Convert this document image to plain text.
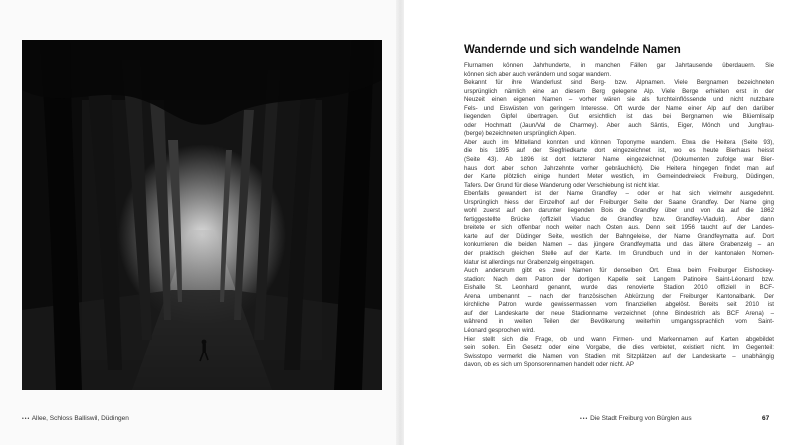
••• Allee, Schloss Balliswil, Düdingen
Wandernde und sich wandelnde Namen
Flurnamen können Jahrhunderte, in manchen Fällen gar Jahrtausende überdauern. Sie
können sich aber auch verändern und sogar wandern.
Bekannt für ihre Wanderlust sind Berg- bzw. Alpnamen. Viele Bergnamen bezeichneten
ursprünglich nämlich eine an diesem Berg gelegene Alp. Viele Berge erhielten erst in der
Neuzeit einen eigenen Namen – vorher wären sie als furchteinflössende und nicht nutzbare
Fels- und Eiswüsten von geringem Interesse. Oft wurde der Name einer Alp auf den darüber
liegenden Gipfel übertragen. Gut ersichtlich ist das bei Bergnamen wie Blüemlisalp
oder Hochmatt (Jaun/Val de Charmey). Aber auch Säntis, Eiger, Mönch und Jungfrau-
(berge) bezeichneten ursprünglich Alpen.
Aber auch im Mittelland konnten und können Toponyme wandern. Etwa die Heitera (Seite 93),
die bis 1895 auf der Siegfriedkarte dort eingezeichnet ist, wo es heute Bierhaus heisst
(Seite 43). Ab 1896 ist dort letzterer Name eingezeichnet (Dokumenten zufolge war Bier-
haus dort aber schon Jahrzehnte vorher gebräuchlich). Die Heitera hingegen findet man auf
der Karte plötzlich einige hundert Meter westlich, im Gemeindedreieck Freiburg, Düdingen,
Tafers. Der Grund für diese Wanderung oder Verschiebung ist nicht klar.
Ebenfalls gewandert ist der Name Grandfey – oder er hat sich vielmehr ausgedehnt.
Ursprünglich hiess der Einzelhof auf der Freiburger Seite der Saane Grandfey. Der Name ging
wohl zuerst auf den darunter liegenden Bois de Grandfey über und von da auf die 1862
fertiggestellte Brücke (offiziell Viaduc de Grandfey bzw. Grandfey-Viadukt). Aber dann
breitete er sich offenbar noch weiter nach Osten aus. Denn seit 1956 taucht auf der Landes-
karte auf der Düdinger Seite, westlich der Bahngeleise, der Name Grandfeymatta auf. Dort
konkurrieren die beiden Namen – das jüngere Grandfeymatta und das ältere Grabenzelg – an
der praktisch gleichen Stelle auf der Karte. Im Grundbuch und in der kantonalen Nomen-
klatur ist allerdings nur Grabenzelg eingetragen.
Auch andersrum gibt es zwei Namen für denselben Ort. Etwa beim Freiburger Eishockey-
stadion: Nach dem Patron der dortigen Kapelle seit Langem Patinoire Saint-Léonard bzw.
Eishalle St. Leonhard genannt, wurde das renovierte Stadion 2010 offiziell in BCF-
Arena umbenannt – nach der französischen Abkürzung der Freiburger Kantonalbank. Der
kirchliche Patron wurde gewissermassen vom finanziellen abgelöst. Bereits seit 2010 ist
auf der Landeskarte der neue Stadionname verzeichnet (ohne Bindestrich als BCF Arena) –
während in weiten Teilen der Bevölkerung weiterhin umgangssprachlich vom Saint-
Léonard gesprochen wird.
Hier stellt sich die Frage, ob und wann Firmen- und Markennamen auf Karten abgebildet
sein sollen. Ein Gesetz oder eine Vorgabe, die dies verbietet, existiert nicht. Im Gegenteil:
Swisstopo vermerkt die Namen von Stadien mit Sitzplätzen auf der Landeskarte – unabhängig
davon, ob es sich um Sponsorennamen handelt oder nicht. AP
••• Die Stadt Freiburg von Bürglen aus	67
